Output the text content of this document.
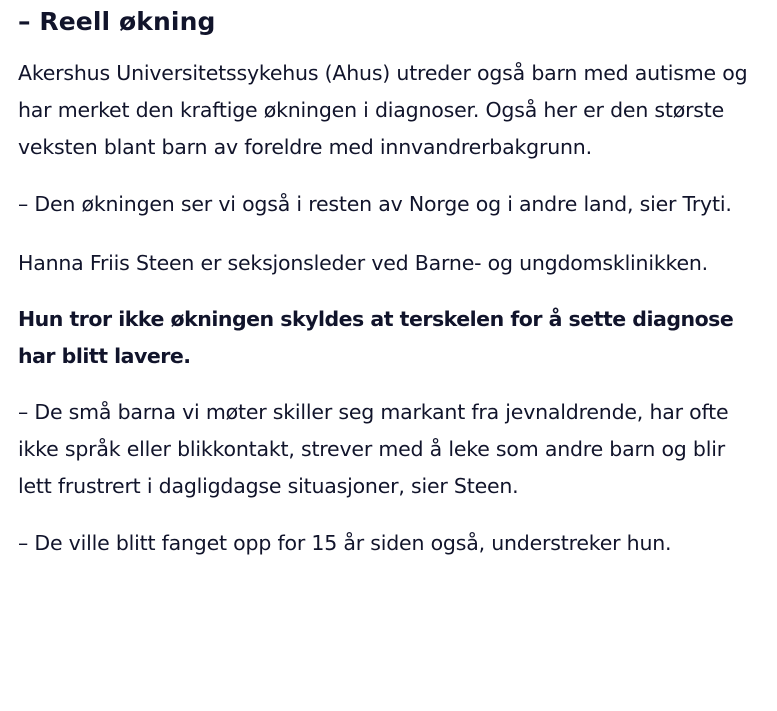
– Reell økning

Akershus Universitetssykehus (Ahus) utreder også barn med autisme og har merket den kraftige økningen i diagnoser. Også her er den største veksten blant barn av foreldre med innvandrerbakgrunn.

– Den økningen ser vi også i resten av Norge og i andre land, sier Tryti.

Hanna Friis Steen er seksjonsleder ved Barne- og ungdomsklinikken.

Hun tror ikke økningen skyldes at terskelen for å sette diagnose har blitt lavere.

– De små barna vi møter skiller seg markant fra jevnaldrende, har ofte ikke språk eller blikkontakt, strever med å leke som andre barn og blir lett frustrert i dagligdagse situasjoner, sier Steen.

– De ville blitt fanget opp for 15 år siden også, understreker hun.
